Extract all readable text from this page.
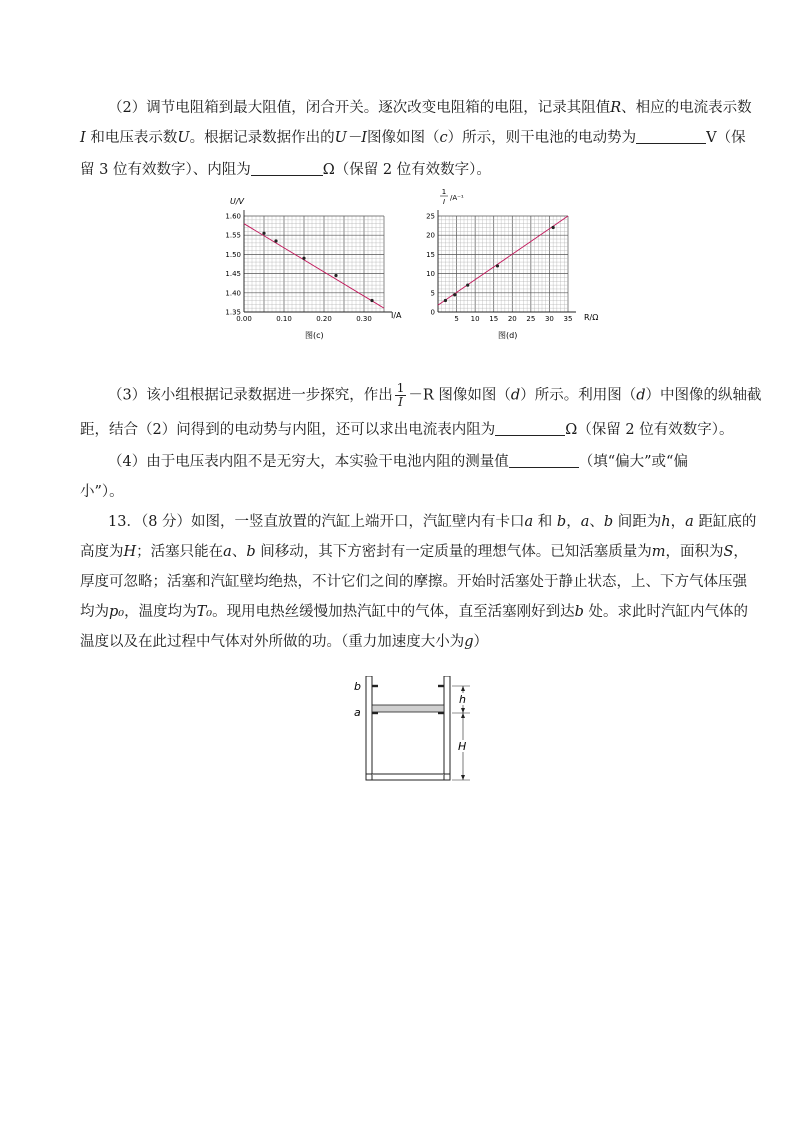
（2）调节电阻箱到最大阻值，闭合开关。逐次改变电阻箱的电阻，记录其阻值R、相应的电流表示数
I 和电压表示数U。根据记录数据作出的U－I图像如图（c）所示，则干电池的电动势为	V（保
留 3 位有效数字）、内阻为	Ω（保留 2 位有效数字）。
1.60
1.55
1.50
1.45
1.40
1.35
0.00	0.10	0.20	0.30
U/V
I/A
图(c)
25
20
15
10
5
0
5 10 15 20 25 30 35
1
I /A⁻¹
R/Ω
图(d)
（3）该小组根据记录数据进一步探究，作出 $\frac{1}{I} -R$ 图像如图（d）所示。利用图（d）中图像的纵轴截
距，结合（2）问得到的电动势与内阻，还可以求出电流表内阻为	Ω（保留 2 位有效数字）。
（4）由于电压表内阻不是无穷大，本实验干电池内阻的测量值	（填“偏大”或“偏
小”）。
13．（8 分）如图，一竖直放置的汽缸上端开口，汽缸壁内有卡口a 和 b，a、b 间距为h，a 距缸底的
高度为H；活塞只能在a、b 间移动，其下方密封有一定质量的理想气体。已知活塞质量为m，面积为S，
厚度可忽略；活塞和汽缸壁均绝热，不计它们之间的摩擦。开始时活塞处于静止状态，上、下方气体压强
均为p₀，温度均为T₀。现用电热丝缓慢加热汽缸中的气体，直至活塞刚好到达b 处。求此时汽缸内气体的
温度以及在此过程中气体对外所做的功。（重力加速度大小为g）
b
a
h
H
